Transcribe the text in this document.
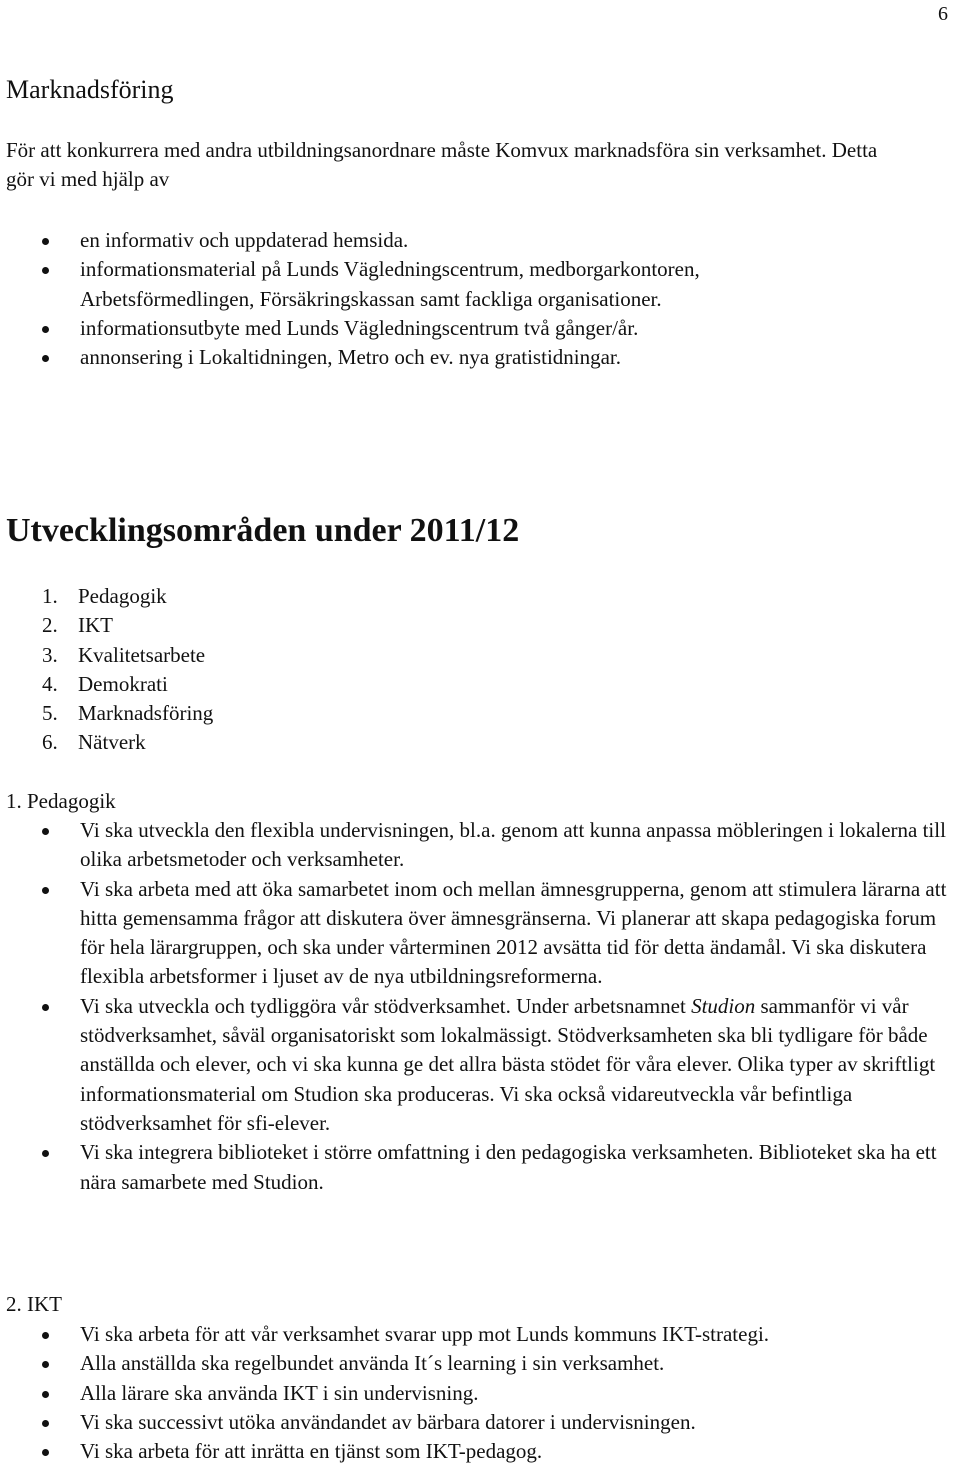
6
Marknadsföring

För att konkurrera med andra utbildningsanordnare måste Komvux marknadsföra sin verksamhet. Detta gör vi med hjälp av

en informativ och uppdaterad hemsida.
informationsmaterial på Lunds Vägledningscentrum, medborgarkontoren, Arbetsförmedlingen, Försäkringskassan samt fackliga organisationer.
informationsutbyte med Lunds Vägledningscentrum två gånger/år.
annonsering i Lokaltidningen, Metro och ev. nya gratistidningar.
Utvecklingsområden under 2011/12
1. Pedagogik
2. IKT
3. Kvalitetsarbete
4. Demokrati
5. Marknadsföring
6. Nätverk
1. Pedagogik
Vi ska utveckla den flexibla undervisningen, bl.a. genom att kunna anpassa möbleringen i lokalerna till olika arbetsmetoder och verksamheter.
Vi ska arbeta med att öka samarbetet inom och mellan ämnesgrupperna, genom att stimulera lärarna att hitta gemensamma frågor att diskutera över ämnesgränserna. Vi planerar att skapa pedagogiska forum för hela lärargruppen, och ska under vårterminen 2012 avsätta tid för detta ändamål. Vi ska diskutera flexibla arbetsformer i ljuset av de nya utbildningsreformerna.
Vi ska utveckla och tydliggöra vår stödverksamhet. Under arbetsnamnet Studion sammanför vi vår stödverksamhet, såväl organisatoriskt som lokalmässigt. Stödverksamheten ska bli tydligare för både anställda och elever, och vi ska kunna ge det allra bästa stödet för våra elever. Olika typer av skriftligt informationsmaterial om Studion ska produceras. Vi ska också vidareutveckla vår befintliga stödverksamhet för sfi-elever.
Vi ska integrera biblioteket i större omfattning i den pedagogiska verksamheten. Biblioteket ska ha ett nära samarbete med Studion.
2. IKT
Vi ska arbeta för att vår verksamhet svarar upp mot Lunds kommuns IKT-strategi.
Alla anställda ska regelbundet använda It´s learning i sin verksamhet.
Alla lärare ska använda IKT i sin undervisning.
Vi ska successivt utöka användandet av bärbara datorer i undervisningen.
Vi ska arbeta för att inrätta en tjänst som IKT-pedagog.
